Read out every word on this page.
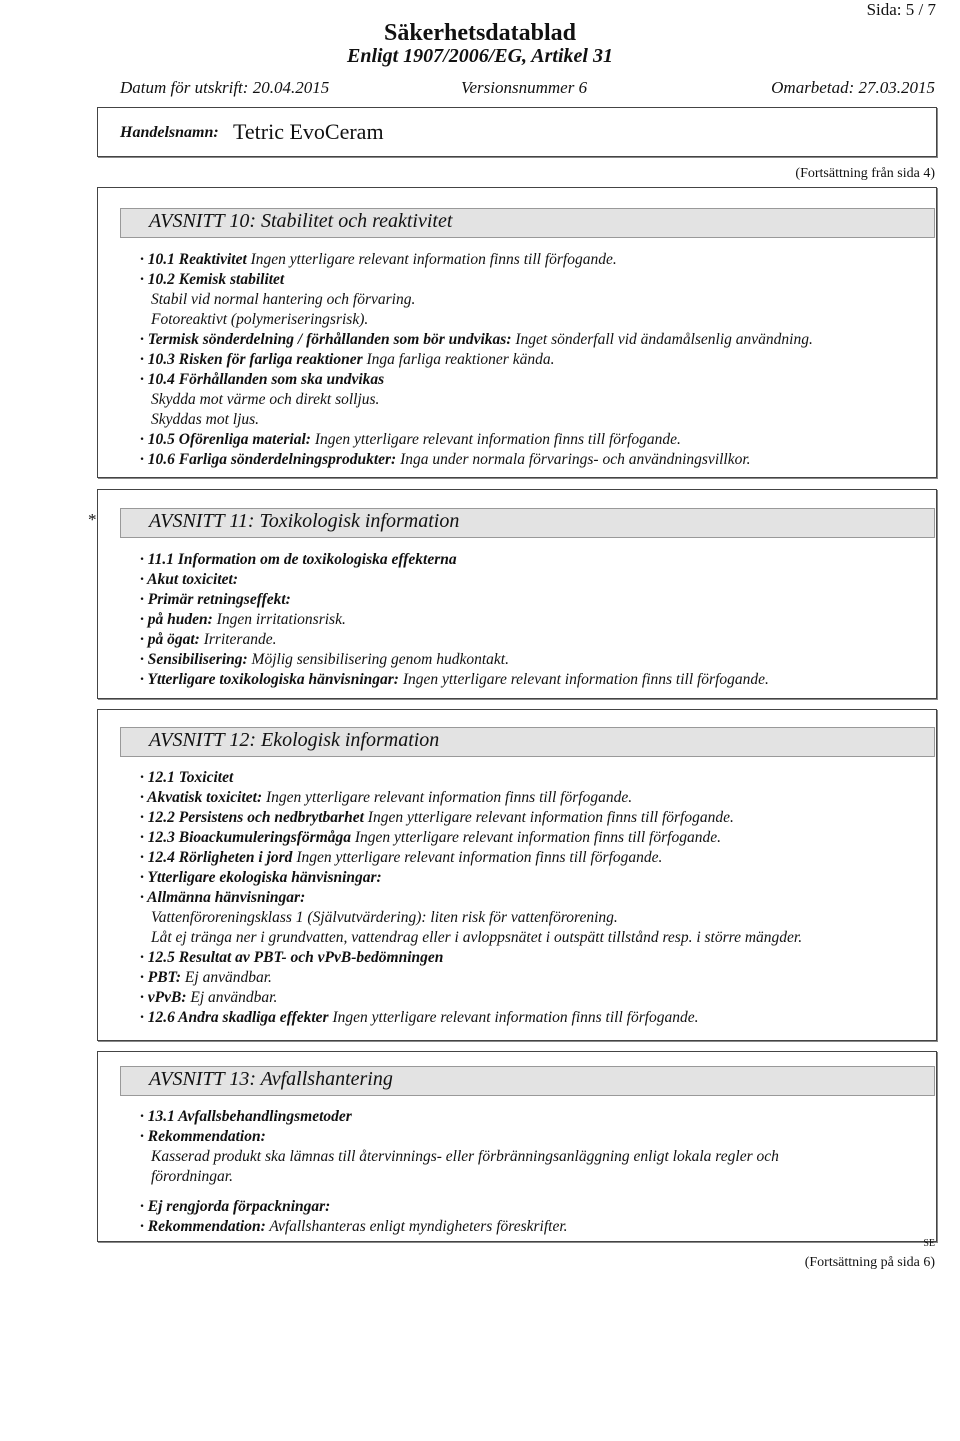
Sida: 5 / 7
Säkerhetsdatablad
Enligt 1907/2006/EG, Artikel 31
Datum för utskrift: 20.04.2015	Versionsnummer 6	Omarbetad: 27.03.2015
Handelsnamn: Tetric EvoCeram
(Fortsättning från sida 4)
AVSNITT 10: Stabilitet och reaktivitet
· 10.1 Reaktivitet Ingen ytterligare relevant information finns till förfogande.
· 10.2 Kemisk stabilitet
Stabil vid normal hantering och förvaring.
Fotoreaktivt (polymeriseringsrisk).
· Termisk sönderdelning / förhållanden som bör undvikas: Inget sönderfall vid ändamålsenlig användning.
· 10.3 Risken för farliga reaktioner Inga farliga reaktioner kända.
· 10.4 Förhållanden som ska undvikas
Skydda mot värme och direkt solljus.
Skyddas mot ljus.
· 10.5 Oförenliga material: Ingen ytterligare relevant information finns till förfogande.
· 10.6 Farliga sönderdelningsprodukter: Inga under normala förvarings- och användningsvillkor.
*	AVSNITT 11: Toxikologisk information
· 11.1 Information om de toxikologiska effekterna
· Akut toxicitet:
· Primär retningseffekt:
· på huden: Ingen irritationsrisk.
· på ögat: Irriterande.
· Sensibilisering: Möjlig sensibilisering genom hudkontakt.
· Ytterligare toxikologiska hänvisningar: Ingen ytterligare relevant information finns till förfogande.
AVSNITT 12: Ekologisk information
· 12.1 Toxicitet
· Akvatisk toxicitet: Ingen ytterligare relevant information finns till förfogande.
· 12.2 Persistens och nedbrytbarhet Ingen ytterligare relevant information finns till förfogande.
· 12.3 Bioackumuleringsförmåga Ingen ytterligare relevant information finns till förfogande.
· 12.4 Rörligheten i jord Ingen ytterligare relevant information finns till förfogande.
· Ytterligare ekologiska hänvisningar:
· Allmänna hänvisningar:
Vattenföroreningsklass 1 (Självutvärdering): liten risk för vattenförorening.
Låt ej tränga ner i grundvatten, vattendrag eller i avloppsnätet i outspätt tillstånd resp. i större mängder.
· 12.5 Resultat av PBT- och vPvB-bedömningen
· PBT: Ej användbar.
· vPvB: Ej användbar.
· 12.6 Andra skadliga effekter Ingen ytterligare relevant information finns till förfogande.
AVSNITT 13: Avfallshantering
· 13.1 Avfallsbehandlingsmetoder
· Rekommendation:
Kasserad produkt ska lämnas till återvinnings- eller förbränningsanläggning enligt lokala regler och
förordningar.
· Ej rengjorda förpackningar:
· Rekommendation: Avfallshanteras enligt myndigheters föreskrifter.
SE
(Fortsättning på sida 6)
